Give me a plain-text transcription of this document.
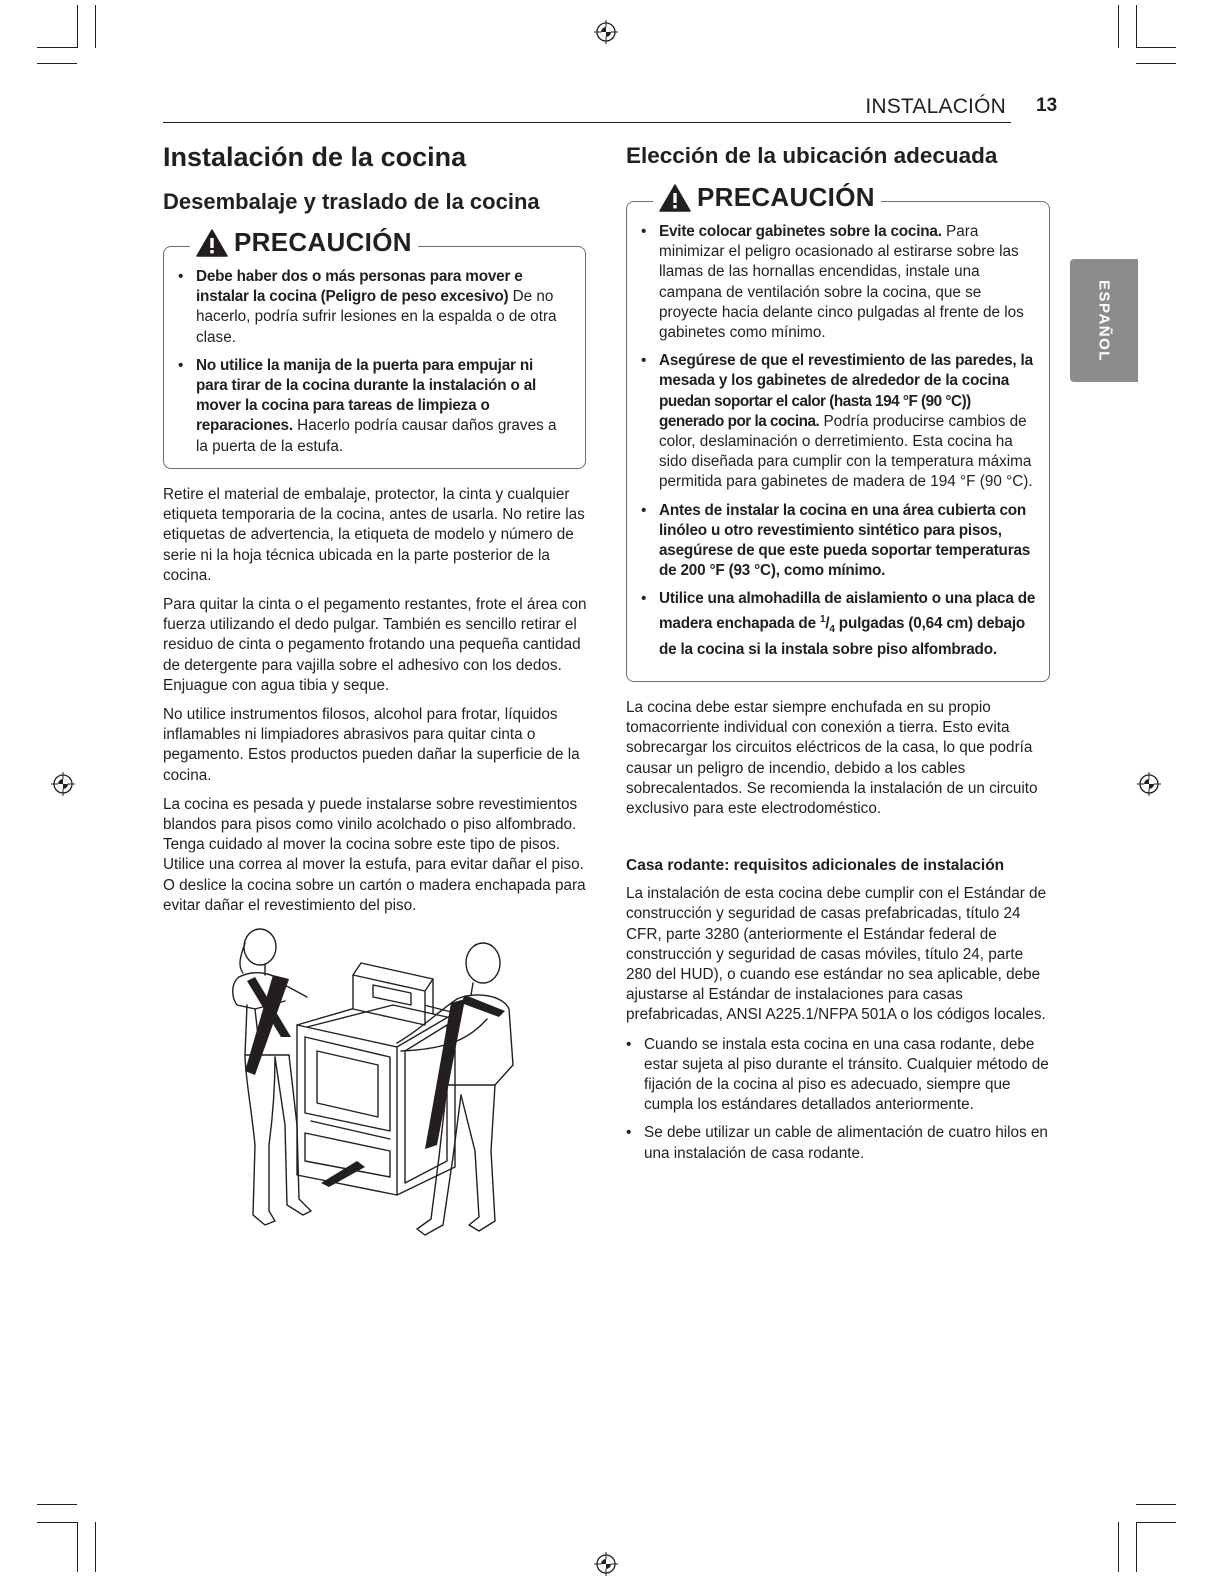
INSTALACIÓN 13
ESPAÑOL
Instalación de la cocina
Desembalaje y traslado de la cocina
PRECAUCIÓN
• Debe haber dos o más personas para mover e instalar la cocina (Peligro de peso excesivo) De no hacerlo, podría sufrir lesiones en la espalda o de otra clase.
• No utilice la manija de la puerta para empujar ni para tirar de la cocina durante la instalación o al mover la cocina para tareas de limpieza o reparaciones. Hacerlo podría causar daños graves a la puerta de la estufa.

Retire el material de embalaje, protector, la cinta y cualquier etiqueta temporaria de la cocina, antes de usarla. No retire las etiquetas de advertencia, la etiqueta de modelo y número de serie ni la hoja técnica ubicada en la parte posterior de la cocina.

Para quitar la cinta o el pegamento restantes, frote el área con fuerza utilizando el dedo pulgar. También es sencillo retirar el residuo de cinta o pegamento frotando una pequeña cantidad de detergente para vajilla sobre el adhesivo con los dedos. Enjuague con agua tibia y seque.

No utilice instrumentos filosos, alcohol para frotar, líquidos inflamables ni limpiadores abrasivos para quitar cinta o pegamento. Estos productos pueden dañar la superficie de la cocina.

La cocina es pesada y puede instalarse sobre revestimientos blandos para pisos como vinilo acolchado o piso alfombrado. Tenga cuidado al mover la cocina sobre este tipo de pisos. Utilice una correa al mover la estufa, para evitar dañar el piso. O deslice la cocina sobre un cartón o madera enchapada para evitar dañar el revestimiento del piso.

Elección de la ubicación adecuada
PRECAUCIÓN
• Evite colocar gabinetes sobre la cocina. Para minimizar el peligro ocasionado al estirarse sobre las llamas de las hornallas encendidas, instale una campana de ventilación sobre la cocina, que se proyecte hacia delante cinco pulgadas al frente de los gabinetes como mínimo.
• Asegúrese de que el revestimiento de las paredes, la mesada y los gabinetes de alrededor de la cocina puedan soportar el calor (hasta 194 °F (90 °C)) generado por la cocina. Podría producirse cambios de color, deslaminación o derretimiento. Esta cocina ha sido diseñada para cumplir con la temperatura máxima permitida para gabinetes de madera de 194 °F (90 °C).
• Antes de instalar la cocina en una área cubierta con linóleo u otro revestimiento sintético para pisos, asegúrese de que este pueda soportar temperaturas de 200 °F (93 °C), como mínimo.
• Utilice una almohadilla de aislamiento o una placa de madera enchapada de $^1/_4$ pulgadas (0,64 cm) debajo de la cocina si la instala sobre piso alfombrado.

La cocina debe estar siempre enchufada en su propio tomacorriente individual con conexión a tierra. Esto evita sobrecargar los circuitos eléctricos de la casa, lo que podría causar un peligro de incendio, debido a los cables sobrecalentados. Se recomienda la instalación de un circuito exclusivo para este electrodoméstico.

Casa rodante: requisitos adicionales de instalación

La instalación de esta cocina debe cumplir con el Estándar de construcción y seguridad de casas prefabricadas, título 24 CFR, parte 3280 (anteriormente el Estándar federal de construcción y seguridad de casas móviles, título 24, parte 280 del HUD), o cuando ese estándar no sea aplicable, debe ajustarse al Estándar de instalaciones para casas prefabricadas, ANSI A225.1/NFPA 501A o los códigos locales.

• Cuando se instala esta cocina en una casa rodante, debe estar sujeta al piso durante el tránsito. Cualquier método de fijación de la cocina al piso es adecuado, siempre que cumpla los estándares detallados anteriormente.
• Se debe utilizar un cable de alimentación de cuatro hilos en una instalación de casa rodante.
